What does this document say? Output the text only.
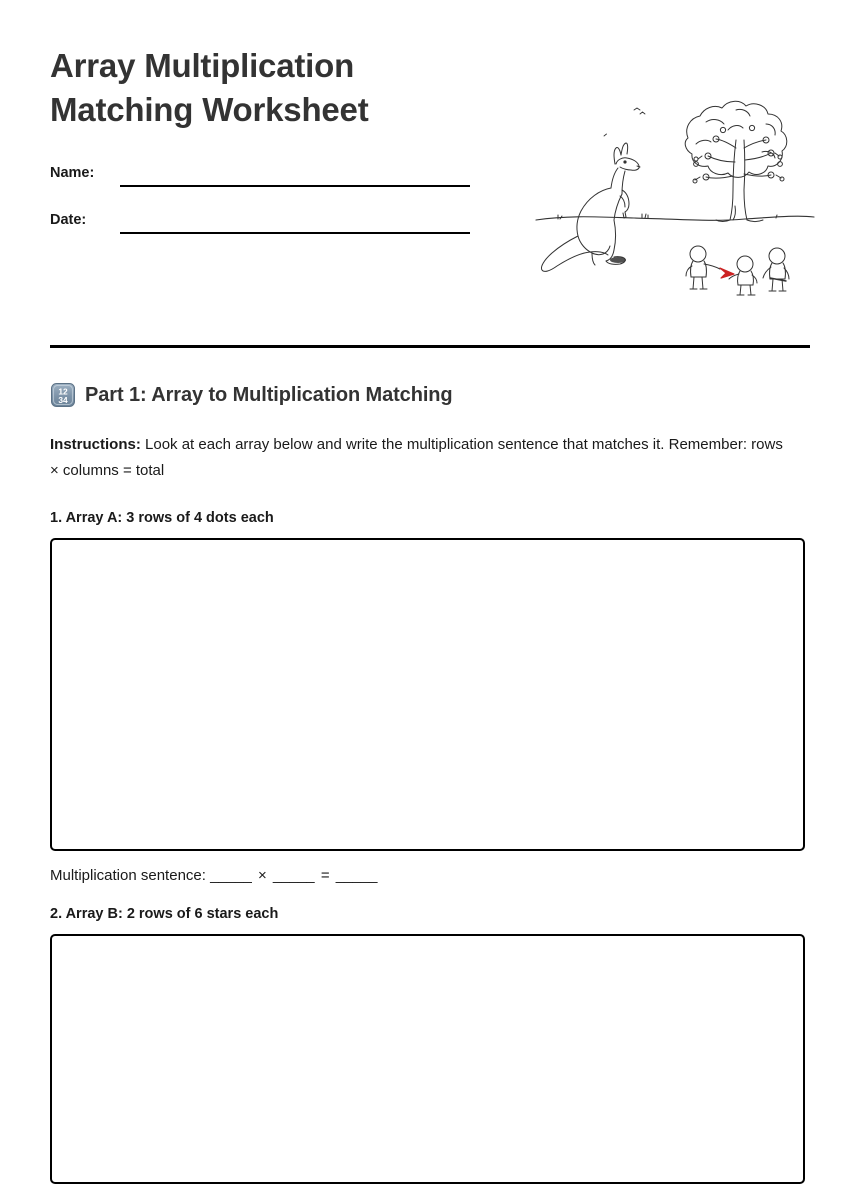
Array Multiplication
Matching Worksheet
Name:
Date:
12
34 Part 1: Array to Multiplication Matching

Instructions: Look at each array below and write the multiplication sentence that matches it. Remember: rows × columns = total

1. Array A: 3 rows of 4 dots each

Multiplication sentence: _____ × _____ = _____

2. Array B: 2 rows of 6 stars each
